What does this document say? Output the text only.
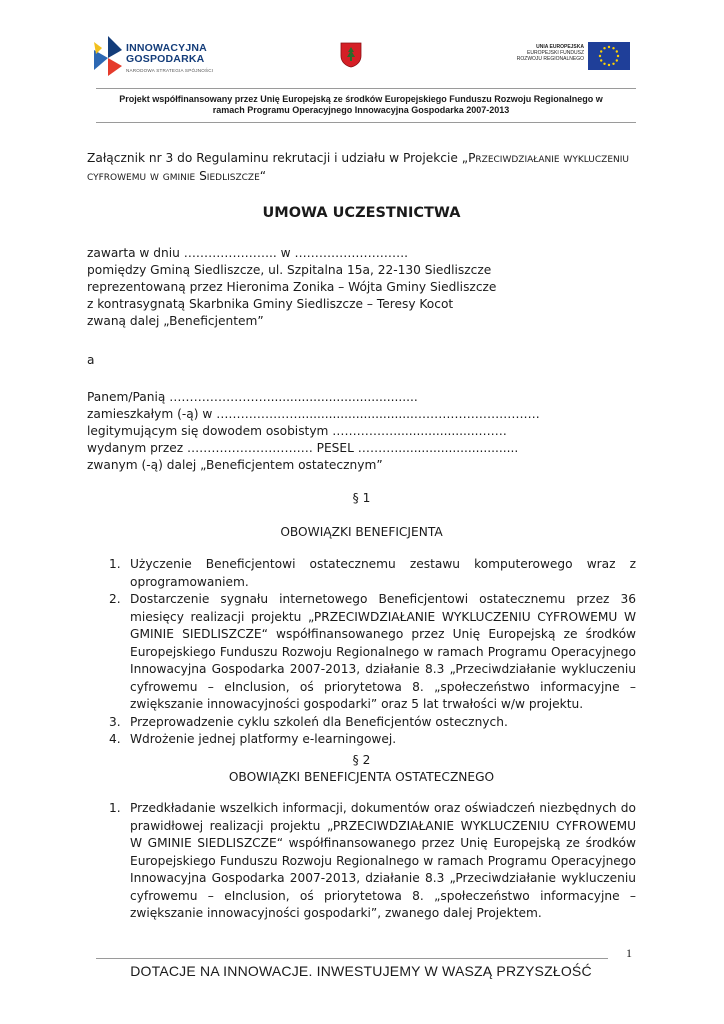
INNOWACYJNA
GOSPODARKA
NARODOWA STRATEGIA SPÓJNOŚCI
UNIA EUROPEJSKA
EUROPEJSKI FUNDUSZ
ROZWOJU REGIONALNEGO
Projekt współfinansowany przez Unię Europejską ze środków Europejskiego Funduszu Rozwoju Regionalnego w
ramach Programu Operacyjnego Innowacyjna Gospodarka 2007-2013
Załącznik nr 3 do Regulaminu rekrutacji i udziału w Projekcie „Przeciwdziałanie wykluczeniu
cyfrowemu w gminie Siedliszcze“
UMOWA UCZESTNICTWA
zawarta w dniu ………………….. w ……………………….
pomiędzy Gminą Siedliszcze, ul. Szpitalna 15a, 22-130 Siedliszcze
reprezentowaną przez Hieronima Zonika – Wójta Gminy Siedliszcze
z kontrasygnatą Skarbnika Gminy Siedliszcze – Teresy Kocot
zwaną dalej „Beneficjentem”
a
Panem/Panią …………………….......................................
zamieszkałym (-ą) w ………………….............................………………………….
legitymującym się dowodem osobistym ……………......................…….
wydanym przez …………………………. PESEL ………................................
zwanym (-ą) dalej „Beneficjentem ostatecznym”
§ 1
OBOWIĄZKI BENEFICJENTA
1. Użyczenie Beneficjentowi ostatecznemu zestawu komputerowego wraz z oprogramowaniem.
2. Dostarczenie sygnału internetowego Beneficjentowi ostatecznemu przez 36 miesięcy realizacji projektu „PRZECIWDZIAŁANIE WYKLUCZENIU CYFROWEMU W GMINIE SIEDLISZCZE“ współfinansowanego przez Unię Europejską ze środków Europejskiego Funduszu Rozwoju Regionalnego w ramach Programu Operacyjnego Innowacyjna Gospodarka 2007-2013, działanie 8.3 „Przeciwdziałanie wykluczeniu cyfrowemu – eInclusion, oś priorytetowa 8. „społeczeństwo informacyjne – zwiększanie innowacyjności gospodarki” oraz 5 lat trwałości w/w projektu.
3. Przeprowadzenie cyklu szkoleń dla Beneficjentów ostecznych.
4. Wdrożenie jednej platformy e-learningowej.
§ 2
OBOWIĄZKI BENEFICJENTA OSTATECZNEGO
1. Przedkładanie wszelkich informacji, dokumentów oraz oświadczeń niezbędnych do prawidłowej realizacji projektu „PRZECIWDZIAŁANIE WYKLUCZENIU CYFROWEMU W GMINIE SIEDLISZCZE“ współfinansowanego przez Unię Europejską ze środków Europejskiego Funduszu Rozwoju Regionalnego w ramach Programu Operacyjnego Innowacyjna Gospodarka 2007-2013, działanie 8.3 „Przeciwdziałanie wykluczeniu cyfrowemu – eInclusion, oś priorytetowa 8. „społeczeństwo informacyjne – zwiększanie innowacyjności gospodarki”, zwanego dalej Projektem.
1
DOTACJE NA INNOWACJE. INWESTUJEMY W WASZĄ PRZYSZŁOŚĆ
